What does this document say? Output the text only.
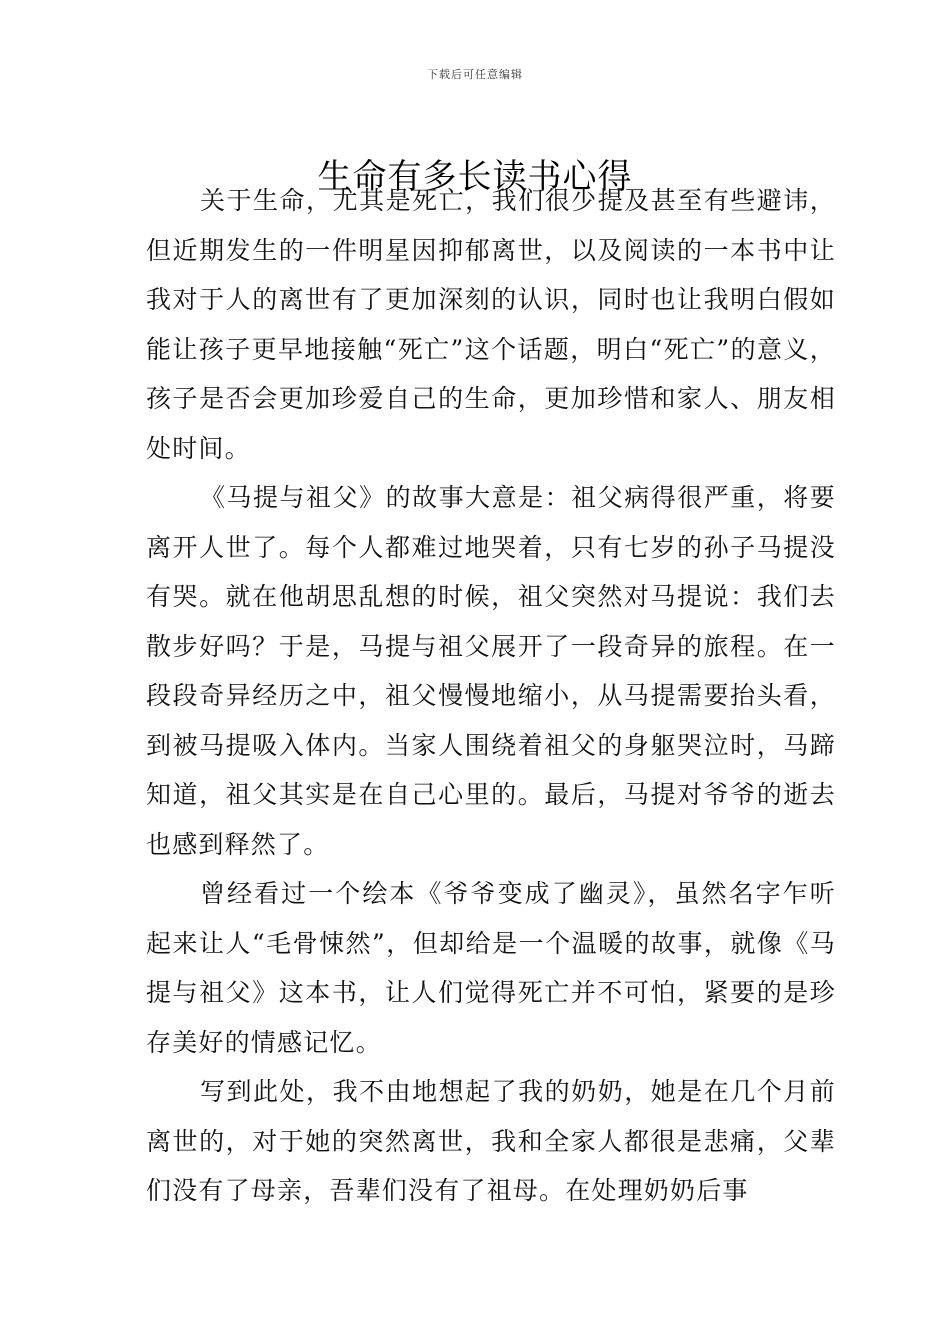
下载后可任意编辑
生命有多长读书心得

关于生命，尤其是死亡，我们很少提及甚至有些避讳，但近期发生的一件明星因抑郁离世，以及阅读的一本书中让我对于人的离世有了更加深刻的认识，同时也让我明白假如能让孩子更早地接触“死亡”这个话题，明白“死亡”的意义，孩子是否会更加珍爱自己的生命，更加珍惜和家人、朋友相处时间。

《马提与祖父》的故事大意是：祖父病得很严重，将要离开人世了。每个人都难过地哭着，只有七岁的孙子马提没有哭。就在他胡思乱想的时候，祖父突然对马提说：我们去散步好吗？于是，马提与祖父展开了一段奇异的旅程。在一段段奇异经历之中，祖父慢慢地缩小，从马提需要抬头看，到被马提吸入体内。当家人围绕着祖父的身躯哭泣时，马蹄知道，祖父其实是在自己心里的。最后，马提对爷爷的逝去也感到释然了。

曾经看过一个绘本《爷爷变成了幽灵》，虽然名字乍听起来让人“毛骨悚然”，但却给是一个温暖的故事，就像《马提与祖父》这本书，让人们觉得死亡并不可怕，紧要的是珍存美好的情感记忆。

写到此处，我不由地想起了我的奶奶，她是在几个月前离世的，对于她的突然离世，我和全家人都很是悲痛，父辈们没有了母亲，吾辈们没有了祖母。在处理奶奶后事
